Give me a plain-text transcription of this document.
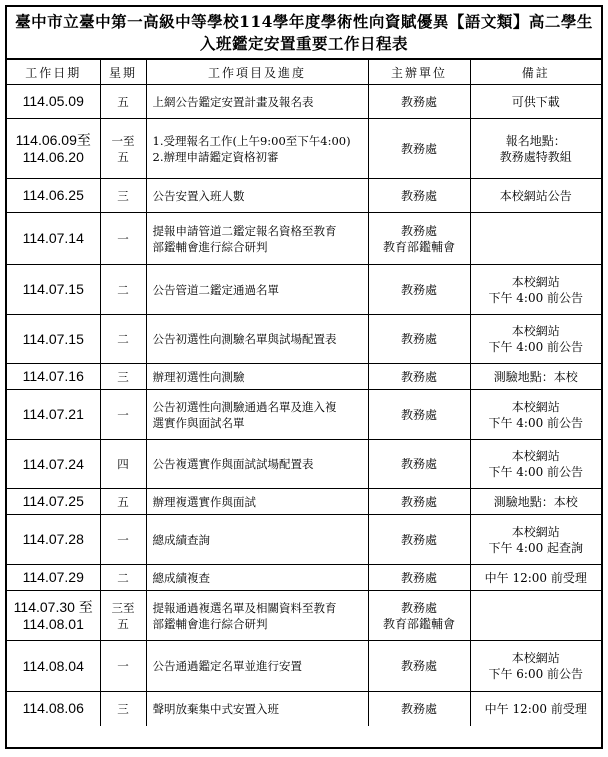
臺中市立臺中第一高級中等學校114學年度學術性向資賦優異【語文類】高二學生
入班鑑定安置重要工作日程表
工作日期	星期	工作項目及進度	主辦單位	備註

114.05.09	五	上網公告鑑定安置計畫及報名表	教務處	可供下載

114.06.09至
114.06.20	一至
五	1.受理報名工作(上午9:00至下午4:00)
2.辦理申請鑑定資格初審	教務處	報名地點：
教務處特教組

114.06.25	三	公告安置入班人數	教務處	本校網站公告

114.07.14	一	提報申請管道二鑑定報名資格至教育
部鑑輔會進行綜合研判	教務處
教育部鑑輔會	

114.07.15	二	公告管道二鑑定通過名單	教務處	本校網站
下午 4:00 前公告

114.07.15	二	公告初選性向測驗名單與試場配置表	教務處	本校網站
下午 4:00 前公告

114.07.16	三	辦理初選性向測驗	教務處	測驗地點：本校

114.07.21	一	公告初選性向測驗通過名單及進入複
選實作與面試名單	教務處	本校網站
下午 4:00 前公告

114.07.24	四	公告複選實作與面試試場配置表	教務處	本校網站
下午 4:00 前公告

114.07.25	五	辦理複選實作與面試	教務處	測驗地點：本校

114.07.28	一	總成績查詢	教務處	本校網站
下午 4:00 起查詢

114.07.29	二	總成績複查	教務處	中午 12:00 前受理

114.07.30 至
114.08.01	三至
五	提報通過複選名單及相關資料至教育
部鑑輔會進行綜合研判	教務處
教育部鑑輔會	

114.08.04	一	公告通過鑑定名單並進行安置	教務處	本校網站
下午 6:00 前公告

114.08.06	三	聲明放棄集中式安置入班	教務處	中午 12:00 前受理
